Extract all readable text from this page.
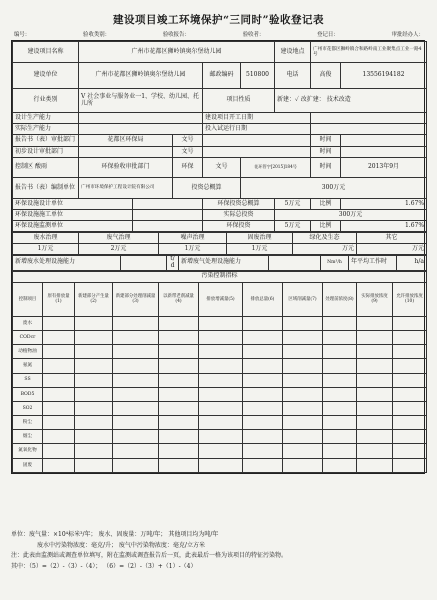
建设项目竣工环境保护“三同时”验收登记表
编号：	验收类别：	验收报告：	验收者：	登记日：	审批经办人：
建设项目名称	广州市花都区狮岭镇奥尔堡幼儿园					建设地点	广州市花都区狮岭镇合和路岭南工业聚集点工业一路4号	
建设单位	广州市花都区狮岭镇奥尔堡幼儿园			邮政编码	510800	电话	高俊	13556194182
行业类别	V 社会事业与服务业一1、学校、幼儿园、托儿所			项目性质		新建：✓ 改扩建： 技术改造		
设计生产能力				建设项目开工日期				
实际生产能力				投入试运行日期				
报告书（表）审批部门	花都区环保局		文号				时间	
初步设计审批部门			文号				时间	
控制区 酸雨	环保验收审批部门		环保	文号	花环管字[2015]184号		时间	2013年9月
报告书（表）编制单位	广州市环境保护工程设计院有限公司		投资总概算		300万元			
环保设施设计单位				环保投资总概算		5万元	比例	1.67%
环保设施施工单位				实际总投资		300万元		
环保设施监测单位				环保投资		5万元	比例	1.67%
废水治理	废气治理	噪声治理	固废治理	绿化及生态	其它
1万元	2万元	1万元	1万元	万元	万元
新增废水处理设施能力		t/d	新增废气处理设施能力		Nm³/h	年平均工作时	h/a
污染控制指标										
控制项目	原有排放量(1)	新建部分产生量(2)	新建部分处理削减量(3)	以新带老削减量(4)	排放增减量(5)	排放总量(6)	区域削减量(7)	处理前浓度(8)	实际排放浓度(9)	允许排放浓度(10)
废水										
CODcr										
动植物油										
氨氮										
SS										
BOD5										
SO2										
粉尘										
烟尘										
氮氧化物										
固废										
单位：废气量：×10⁴标米³/年； 废水、固废量：万吨/年； 其他项目均为吨/年
废水中污染物浓度：毫克/升； 废气中污染物浓度：毫克/立方米
注：此表由监测站或调查单位填写，附在监测或调查报告后一页，此表最后一格为该项目的特征污染物。
其中：（5）=（2）-（3）-（4）； （6）=（2）-（3）+（1）-（4）
